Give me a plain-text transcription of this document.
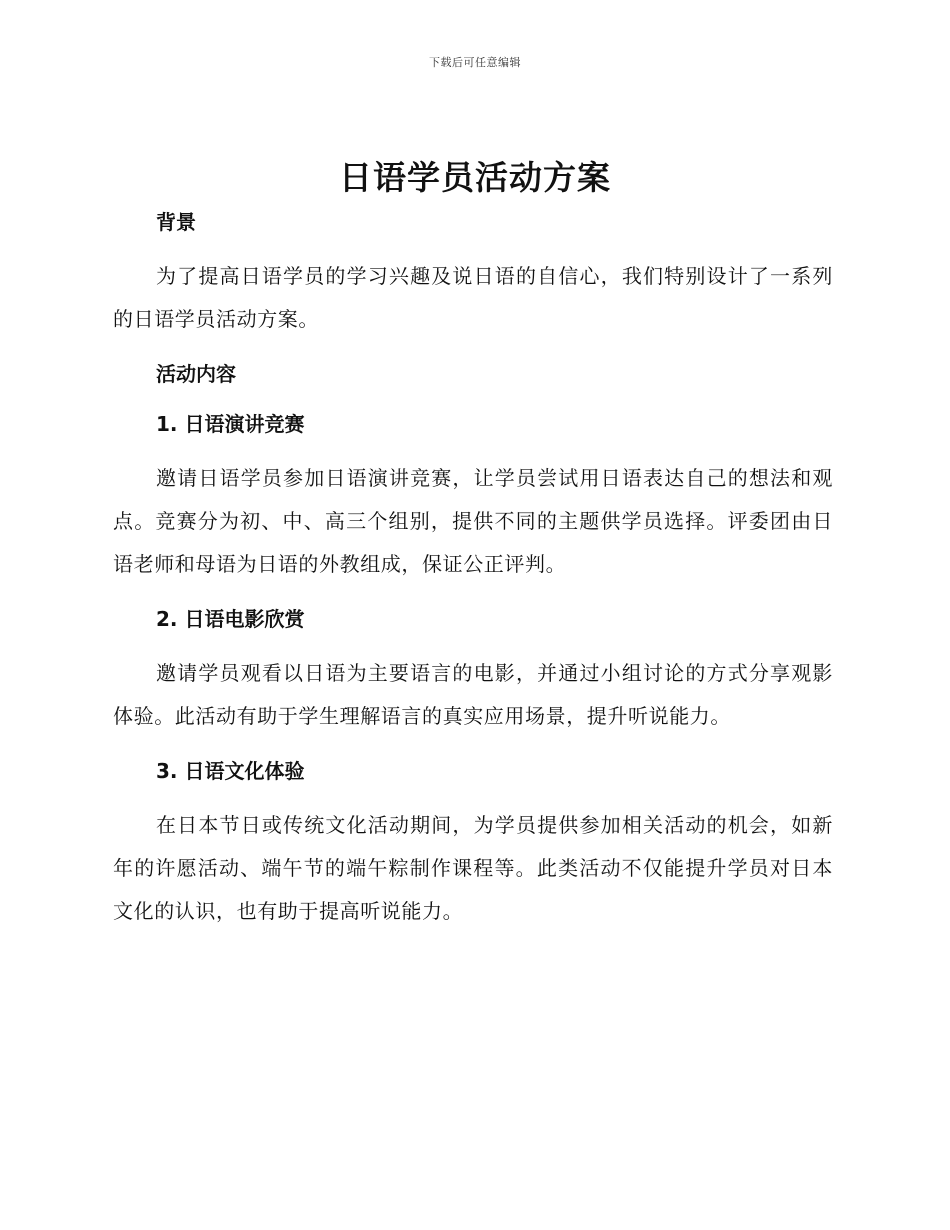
下载后可任意编辑
日语学员活动方案

背景

为了提高日语学员的学习兴趣及说日语的自信心，我们特别设计了一系列的日语学员活动方案。

活动内容

1. 日语演讲竞赛

邀请日语学员参加日语演讲竞赛，让学员尝试用日语表达自己的想法和观点。竞赛分为初、中、高三个组别，提供不同的主题供学员选择。评委团由日语老师和母语为日语的外教组成，保证公正评判。

2. 日语电影欣赏

邀请学员观看以日语为主要语言的电影，并通过小组讨论的方式分享观影体验。此活动有助于学生理解语言的真实应用场景，提升听说能力。

3. 日语文化体验

在日本节日或传统文化活动期间，为学员提供参加相关活动的机会，如新年的许愿活动、端午节的端午粽制作课程等。此类活动不仅能提升学员对日本文化的认识，也有助于提高听说能力。
